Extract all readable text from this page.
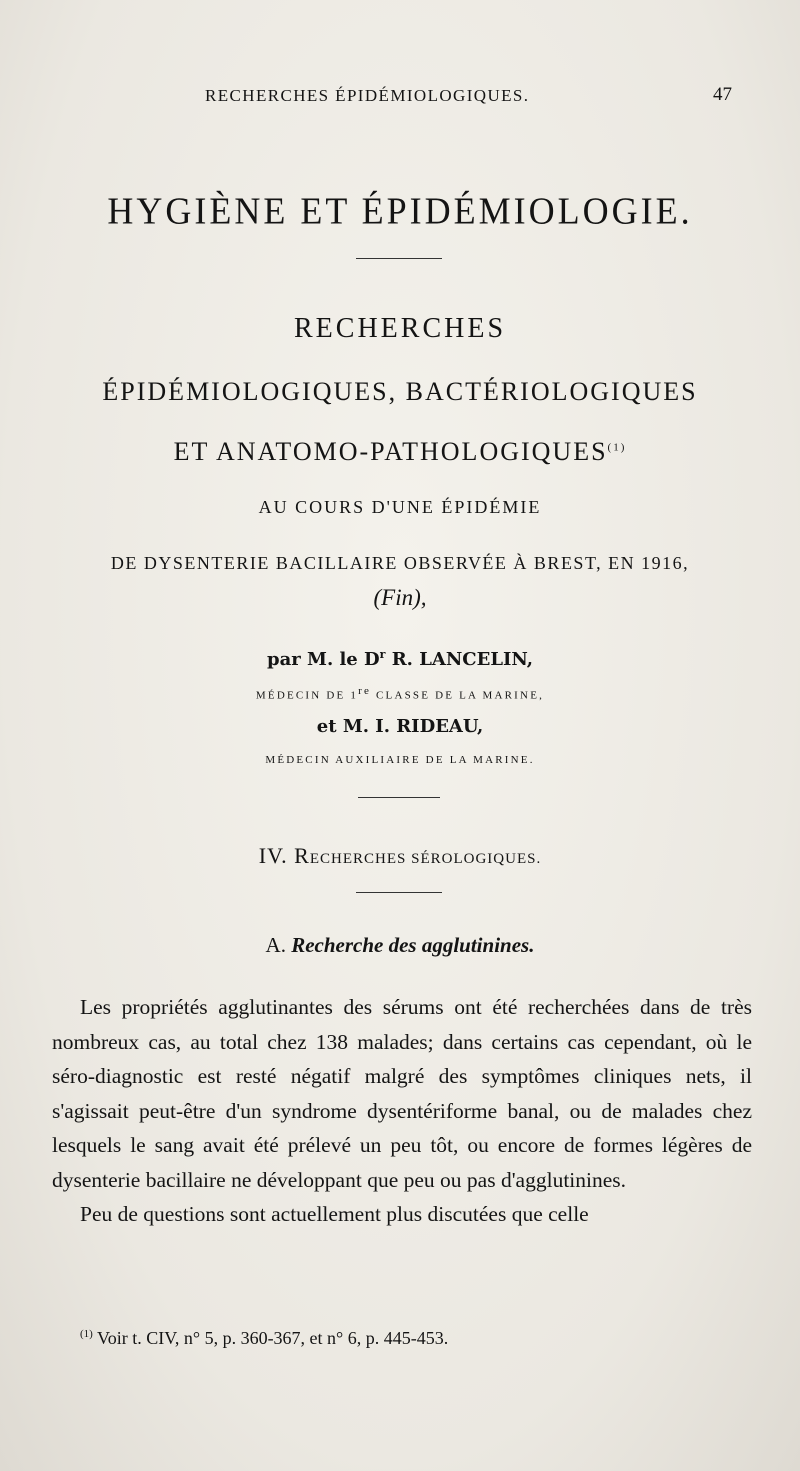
RECHERCHES ÉPIDÉMIOLOGIQUES.	47
HYGIÈNE ET ÉPIDÉMIOLOGIE.
RECHERCHES
ÉPIDÉMIOLOGIQUES, BACTÉRIOLOGIQUES
ET ANATOMO-PATHOLOGIQUES$^{(1)}$
AU COURS D'UNE ÉPIDÉMIE
DE DYSENTERIE BACILLAIRE OBSERVÉE À BREST, EN 1916,
(Fin),
par M. le $D^r$ R. LANCELIN,
MÉDECIN DE 1re CLASSE DE LA MARINE,
et M. I. RIDEAU,
MÉDECIN AUXILIAIRE DE LA MARINE.
IV. RECHERCHES SÉROLOGIQUES.
A. Recherche des agglutinines.

Les propriétés agglutinantes des sérums ont été recherchées dans de très nombreux cas, au total chez 138 malades; dans certains cas cependant, où le séro-diagnostic est resté négatif malgré des symptômes cliniques nets, il s'agissait peut-être d'un syndrome dysentériforme banal, ou de malades chez lesquels le sang avait été prélevé un peu tôt, ou encore de formes légères de dysenterie bacillaire ne développant que peu ou pas d'agglutinines.

Peu de questions sont actuellement plus discutées que celle

$^{(1)}$ Voir t. CIV, n° 5, p. 360-367, et n° 6, p. 445-453.
